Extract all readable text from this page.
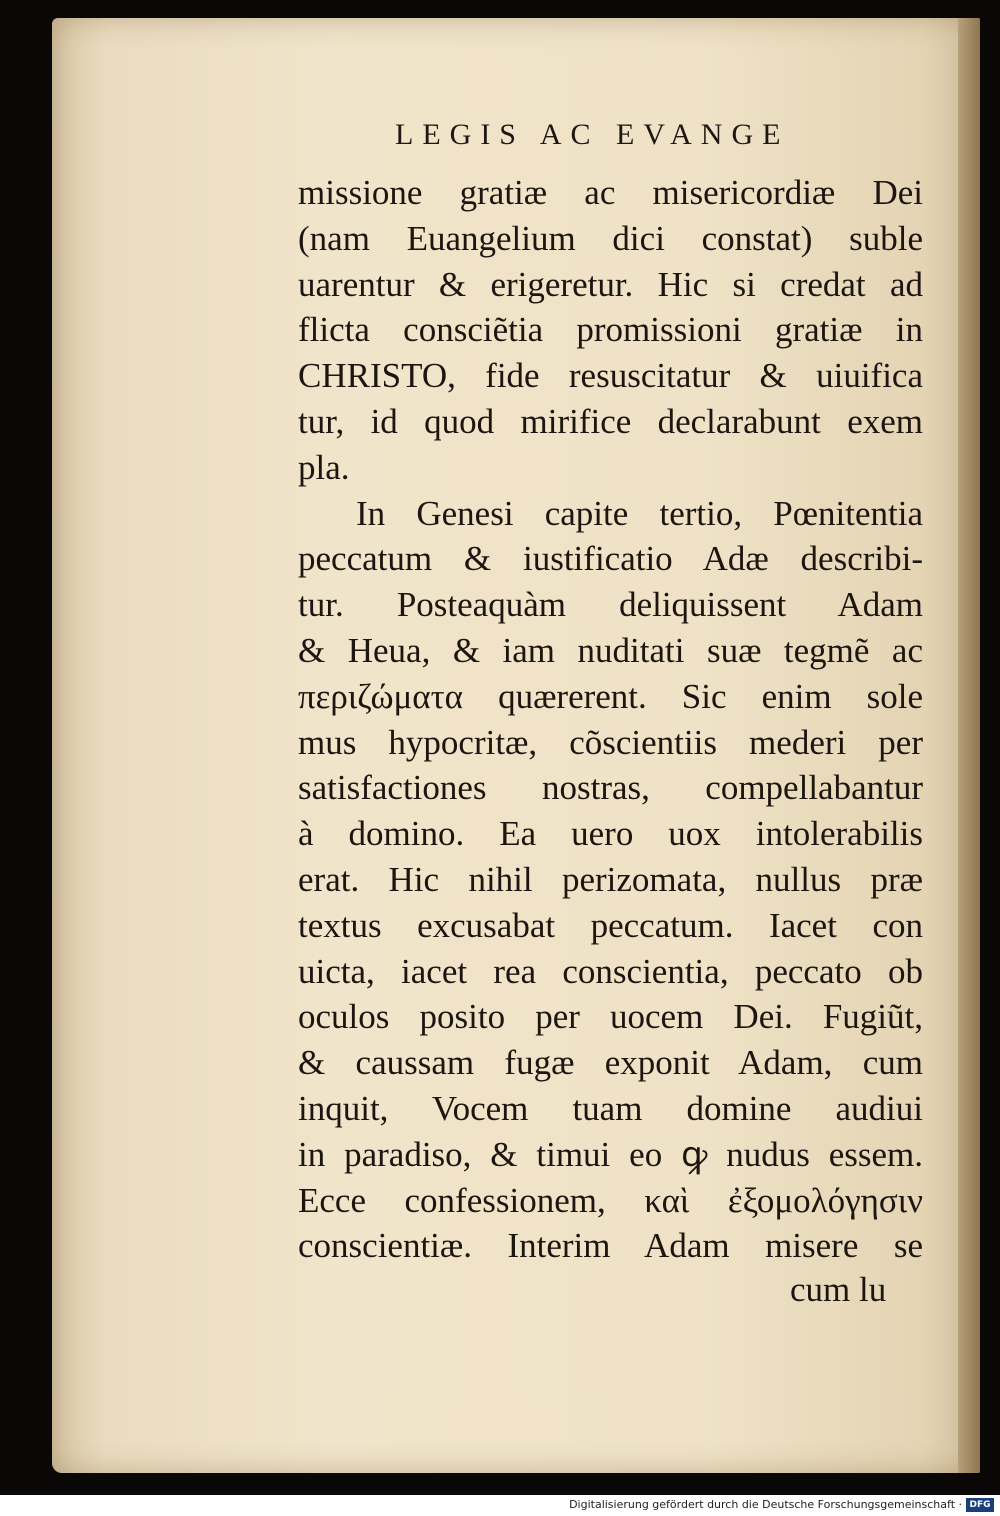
LEGIS AC EVANGE
missione gratiæ ac misericordiæ Dei
(nam Euangelium dici constat) suble
uarentur & erigeretur. Hic si credat ad
flicta consciẽtia promissioni gratiæ in
CHRISTO, fide resuscitatur & uiuifica
tur, id quod mirifice declarabunt exem
pla.
In Genesi capite tertio, Pœnitentia
peccatum & iustificatio Adæ describi-
tur. Posteaquàm deliquissent Adam
& Heua, & iam nuditati suæ tegmẽ ac
περιζώματα quærerent. Sic enim sole
mus hypocritæ, cõscientiis mederi per
satisfactiones nostras, compellabantur
à domino. Ea uero uox intolerabilis
erat. Hic nihil perizomata, nullus præ
textus excusabat peccatum. Iacet con
uicta, iacet rea conscientia, peccato ob
oculos posito per uocem Dei. Fugiũt,
& caussam fugæ exponit Adam, cum
inquit, Vocem tuam domine audiui
in paradiso, & timui eo ꝙ nudus essem.
Ecce confessionem, καὶ ἐξομολόγησιν
conscientiæ. Interim Adam misere se
cum lu
Digitalisierung gefördert durch die Deutsche Forschungsgemeinschaft · DFG
